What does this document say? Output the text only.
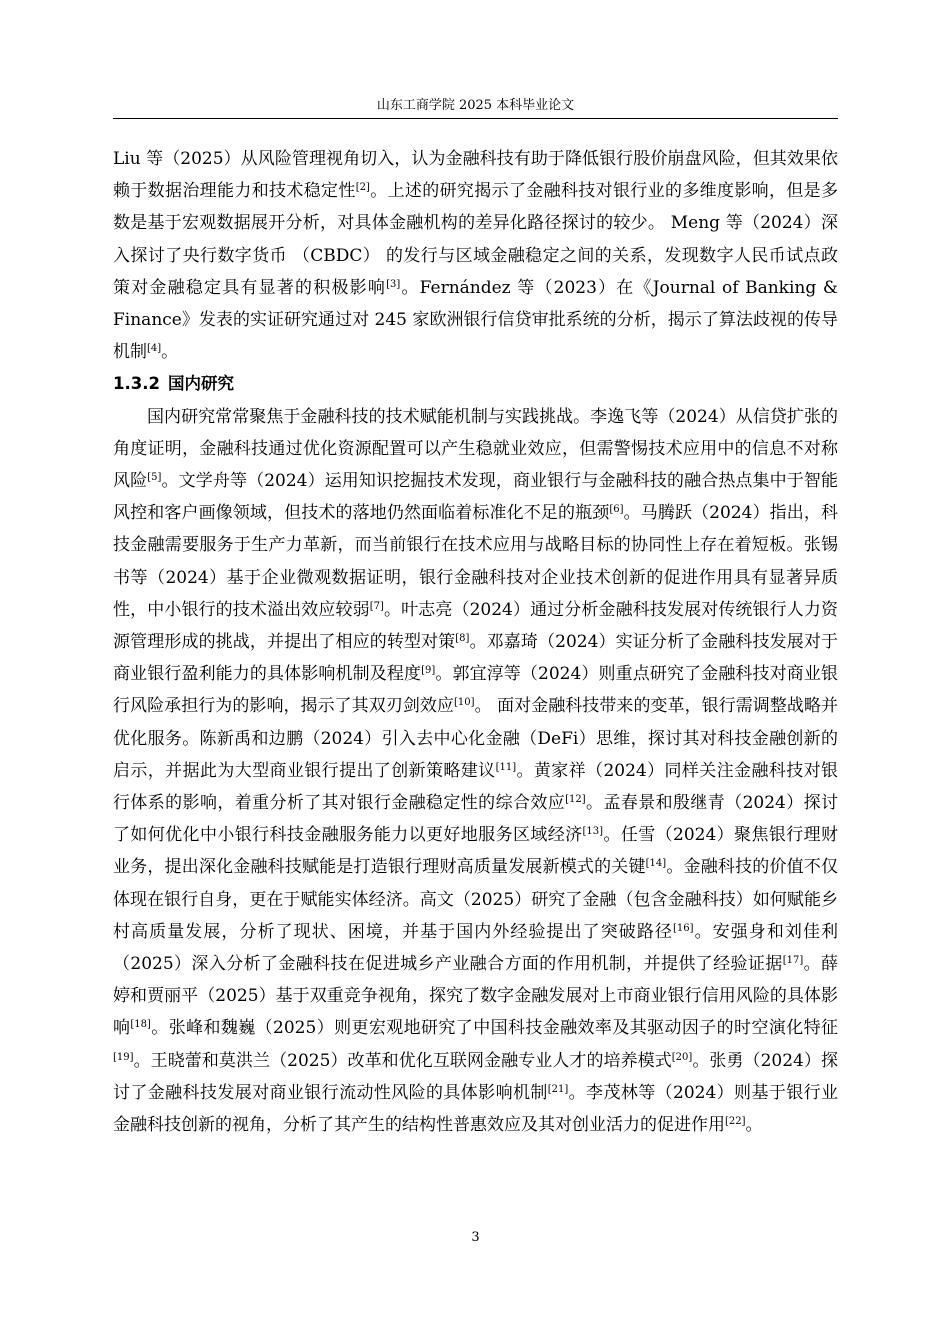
山东工商学院 2025 本科毕业论文

Liu 等（2025）从风险管理视角切入，认为金融科技有助于降低银行股价崩盘风险，但其效果依赖于数据治理能力和技术稳定性[2]。上述的研究揭示了金融科技对银行业的多维度影响，但是多数是基于宏观数据展开分析，对具体金融机构的差异化路径探讨的较少。 Meng 等（2024）深入探讨了央行数字货币 （CBDC） 的发行与区域金融稳定之间的关系，发现数字人民币试点政策对金融稳定具有显著的积极影响[3]。Fernández 等（2023）在《Journal of Banking & Finance》发表的实证研究通过对 245 家欧洲银行信贷审批系统的分析，揭示了算法歧视的传导机制[4]。

1.3.2 国内研究

国内研究常常聚焦于金融科技的技术赋能机制与实践挑战。李逸飞等（2024）从信贷扩张的角度证明，金融科技通过优化资源配置可以产生稳就业效应，但需警惕技术应用中的信息不对称风险[5]。文学舟等（2024）运用知识挖掘技术发现，商业银行与金融科技的融合热点集中于智能风控和客户画像领域，但技术的落地仍然面临着标准化不足的瓶颈[6]。马腾跃（2024）指出，科技金融需要服务于生产力革新，而当前银行在技术应用与战略目标的协同性上存在着短板。张锡书等（2024）基于企业微观数据证明，银行金融科技对企业技术创新的促进作用具有显著异质性，中小银行的技术溢出效应较弱[7]。叶志亮（2024）通过分析金融科技发展对传统银行人力资源管理形成的挑战，并提出了相应的转型对策[8]。邓嘉琦（2024）实证分析了金融科技发展对于商业银行盈利能力的具体影响机制及程度[9]。郭宜淳等（2024）则重点研究了金融科技对商业银行风险承担行为的影响，揭示了其双刃剑效应[10]。 面对金融科技带来的变革，银行需调整战略并优化服务。陈新禹和边鹏（2024）引入去中心化金融（DeFi）思维，探讨其对科技金融创新的启示，并据此为大型商业银行提出了创新策略建议[11]。黄家祥（2024）同样关注金融科技对银行体系的影响，着重分析了其对银行金融稳定性的综合效应[12]。孟春景和殷继青（2024）探讨了如何优化中小银行科技金融服务能力以更好地服务区域经济[13]。任雪（2024）聚焦银行理财业务，提出深化金融科技赋能是打造银行理财高质量发展新模式的关键[14]。金融科技的价值不仅体现在银行自身，更在于赋能实体经济。高文（2025）研究了金融（包含金融科技）如何赋能乡村高质量发展，分析了现状、困境，并基于国内外经验提出了突破路径[16]。安强身和刘佳利（2025）深入分析了金融科技在促进城乡产业融合方面的作用机制，并提供了经验证据[17]。薛婷和贾丽平（2025）基于双重竞争视角，探究了数字金融发展对上市商业银行信用风险的具体影响[18]。张峰和魏巍（2025）则更宏观地研究了中国科技金融效率及其驱动因子的时空演化特征[19]。王晓蕾和莫洪兰（2025）改革和优化互联网金融专业人才的培养模式[20]。张勇（2024）探讨了金融科技发展对商业银行流动性风险的具体影响机制[21]。李茂林等（2024）则基于银行业金融科技创新的视角，分析了其产生的结构性普惠效应及其对创业活力的促进作用[22]。

3
